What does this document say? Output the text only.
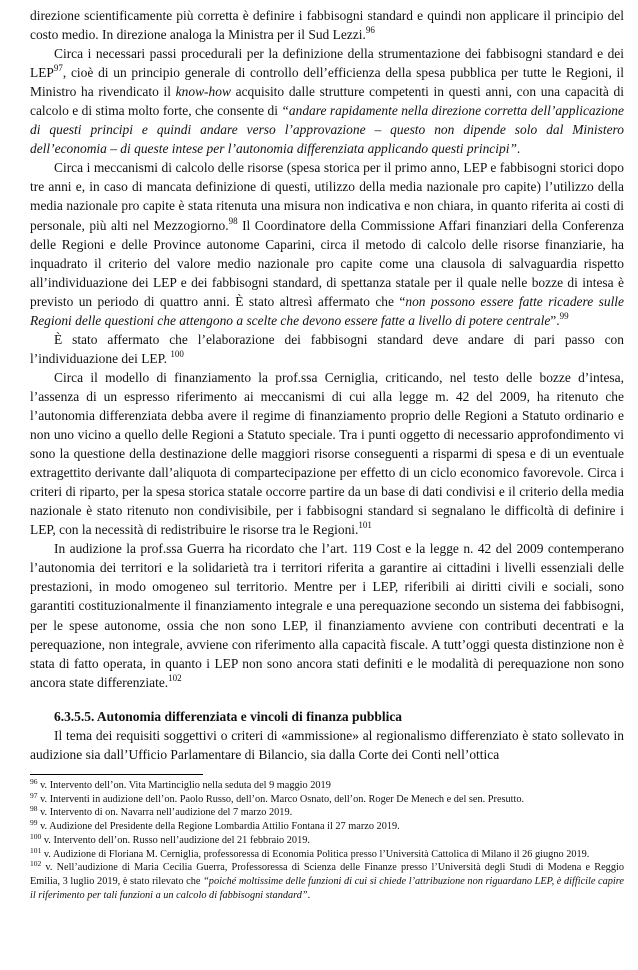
direzione scientificamente più corretta è definire i fabbisogni standard e quindi non applicare il principio del costo medio. In direzione analoga la Ministra per il Sud Lezzi.$^{96}$

Circa i necessari passi procedurali per la definizione della strumentazione dei fabbisogni standard e dei LEP$^{97}$, cioè di un principio generale di controllo dell’efficienza della spesa pubblica per tutte le Regioni, il Ministro ha rivendicato il know-how acquisito dalle strutture competenti in questi anni, con una capacità di calcolo e di stima molto forte, che consente di “andare rapidamente nella direzione corretta dell’applicazione di questi principi e quindi andare verso l’approvazione – questo non dipende solo dal Ministero dell’economia – di queste intese per l’autonomia differenziata applicando questi principi”.

Circa i meccanismi di calcolo delle risorse (spesa storica per il primo anno, LEP e fabbisogni storici dopo tre anni e, in caso di mancata definizione di questi, utilizzo della media nazionale pro capite) l’utilizzo della media nazionale pro capite è stata ritenuta una misura non indicativa e non chiara, in quanto riferita ai costi di personale, più alti nel Mezzogiorno.$^{98}$ Il Coordinatore della Commissione Affari finanziari della Conferenza delle Regioni e delle Province autonome Caparini, circa il metodo di calcolo delle risorse finanziarie, ha inquadrato il criterio del valore medio nazionale pro capite come una clausola di salvaguardia rispetto all’individuazione dei LEP e dei fabbisogni standard, di spettanza statale per il quale nelle bozze di intesa è previsto un periodo di quattro anni. È stato altresì affermato che “non possono essere fatte ricadere sulle Regioni delle questioni che attengono a scelte che devono essere fatte a livello di potere centrale”.$^{99}$

È stato affermato che l’elaborazione dei fabbisogni standard deve andare di pari passo con l’individuazione dei LEP. $^{100}$

Circa il modello di finanziamento la prof.ssa Cerniglia, criticando, nel testo delle bozze d’intesa, l’assenza di un espresso riferimento ai meccanismi di cui alla legge m. 42 del 2009, ha ritenuto che l’autonomia differenziata debba avere il regime di finanziamento proprio delle Regioni a Statuto ordinario e non uno vicino a quello delle Regioni a Statuto speciale. Tra i punti oggetto di necessario approfondimento vi sono la questione della destinazione delle maggiori risorse conseguenti a risparmi di spesa e di un eventuale extragettito derivante dall’aliquota di compartecipazione per effetto di un ciclo economico favorevole. Circa i criteri di riparto, per la spesa storica statale occorre partire da un base di dati condivisi e il criterio della media nazionale è stato ritenuto non condivisibile, per i fabbisogni standard si segnalano le difficoltà di definire i LEP, con la necessità di redistribuire le risorse tra le Regioni.$^{101}$

In audizione la prof.ssa Guerra ha ricordato che l’art. 119 Cost e la legge n. 42 del 2009 contemperano l’autonomia dei territori e la solidarietà tra i territori riferita a garantire ai cittadini i livelli essenziali delle prestazioni, in modo omogeneo sul territorio. Mentre per i LEP, riferibili ai diritti civili e sociali, sono garantiti costituzionalmente il finanziamento integrale e una perequazione secondo un sistema dei fabbisogni, per le spese autonome, ossia che non sono LEP, il finanziamento avviene con contributi decentrati e la perequazione, non integrale, avviene con riferimento alla capacità fiscale. A tutt’oggi questa distinzione non è stata di fatto operata, in quanto i LEP non sono ancora stati definiti e le modalità di perequazione non sono ancora state differenziate.$^{102}$

6.3.5.5. Autonomia differenziata e vincoli di finanza pubblica

Il tema dei requisiti soggettivi o criteri di «ammissione» al regionalismo differenziato è stato sollevato in audizione sia dall’Ufficio Parlamentare di Bilancio, sia dalla Corte dei Conti nell’ottica

$^{96}$ v. Intervento dell’on. Vita Martinciglio nella seduta del 9 maggio 2019

$^{97}$ v. Interventi in audizione dell’on. Paolo Russo, dell’on. Marco Osnato, dell’on. Roger De Menech e del sen. Presutto.

$^{98}$ v. Intervento di on. Navarra nell’audizione del 7 marzo 2019.

$^{99}$ v. Audizione del Presidente della Regione Lombardia Attilio Fontana il 27 marzo 2019.

$^{100}$ v. Intervento dell’on. Russo nell’audizione del 21 febbraio 2019.

$^{101}$ v. Audizione di Floriana M. Cerniglia, professoressa di Economia Politica presso l’Università Cattolica di Milano il 26 giugno 2019.

$^{102}$ v. Nell’audizione di Maria Cecilia Guerra, Professoressa di Scienza delle Finanze presso l’Università degli Studi di Modena e Reggio Emilia, 3 luglio 2019, è stato rilevato che “poiché moltissime delle funzioni di cui si chiede l’attribuzione non riguardano LEP, è difficile capire il riferimento per tali funzioni a un calcolo di fabbisogni standard”.
